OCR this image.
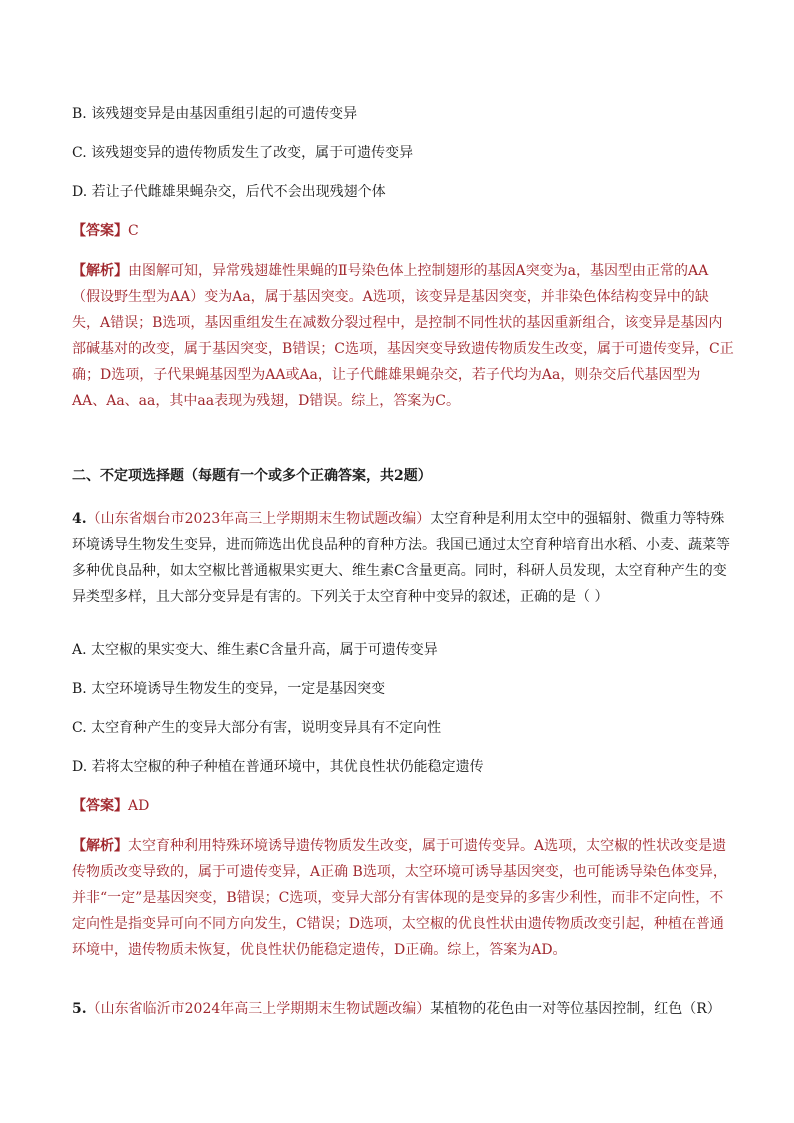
B. 该残翅变异是由基因重组引起的可遗传变异
C. 该残翅变异的遗传物质发生了改变，属于可遗传变异
D. 若让子代雌雄果蝇杂交，后代不会出现残翅个体
【答案】C
【解析】由图解可知，异常残翅雄性果蝇的Ⅱ号染色体上控制翅形的基因A突变为a，基因型由正常的AA（假设野生型为AA）变为Aa，属于基因突变。A选项，该变异是基因突变，并非染色体结构变异中的缺失，A错误；B选项，基因重组发生在减数分裂过程中，是控制不同性状的基因重新组合，该变异是基因内部碱基对的改变，属于基因突变，B错误；C选项，基因突变导致遗传物质发生改变，属于可遗传变异，C正确；D选项，子代果蝇基因型为AA或Aa，让子代雌雄果蝇杂交，若子代均为Aa，则杂交后代基因型为AA、Aa、aa，其中aa表现为残翅，D错误。综上，答案为C。
二、不定项选择题（每题有一个或多个正确答案，共2题）
4.（山东省烟台市2023年高三上学期期末生物试题改编）太空育种是利用太空中的强辐射、微重力等特殊环境诱导生物发生变异，进而筛选出优良品种的育种方法。我国已通过太空育种培育出水稻、小麦、蔬菜等多种优良品种，如太空椒比普通椒果实更大、维生素C含量更高。同时，科研人员发现，太空育种产生的变异类型多样，且大部分变异是有害的。下列关于太空育种中变异的叙述，正确的是（ ）
A. 太空椒的果实变大、维生素C含量升高，属于可遗传变异
B. 太空环境诱导生物发生的变异，一定是基因突变
C. 太空育种产生的变异大部分有害，说明变异具有不定向性
D. 若将太空椒的种子种植在普通环境中，其优良性状仍能稳定遗传
【答案】AD
【解析】太空育种利用特殊环境诱导遗传物质发生改变，属于可遗传变异。A选项，太空椒的性状改变是遗传物质改变导致的，属于可遗传变异，A正确 B选项，太空环境可诱导基因突变，也可能诱导染色体变异，并非“一定”是基因突变，B错误；C选项，变异大部分有害体现的是变异的多害少利性，而非不定向性，不定向性是指变异可向不同方向发生，C错误；D选项，太空椒的优良性状由遗传物质改变引起，种植在普通环境中，遗传物质未恢复，优良性状仍能稳定遗传，D正确。综上，答案为AD。
5.（山东省临沂市2024年高三上学期期末生物试题改编）某植物的花色由一对等位基因控制，红色（R）
